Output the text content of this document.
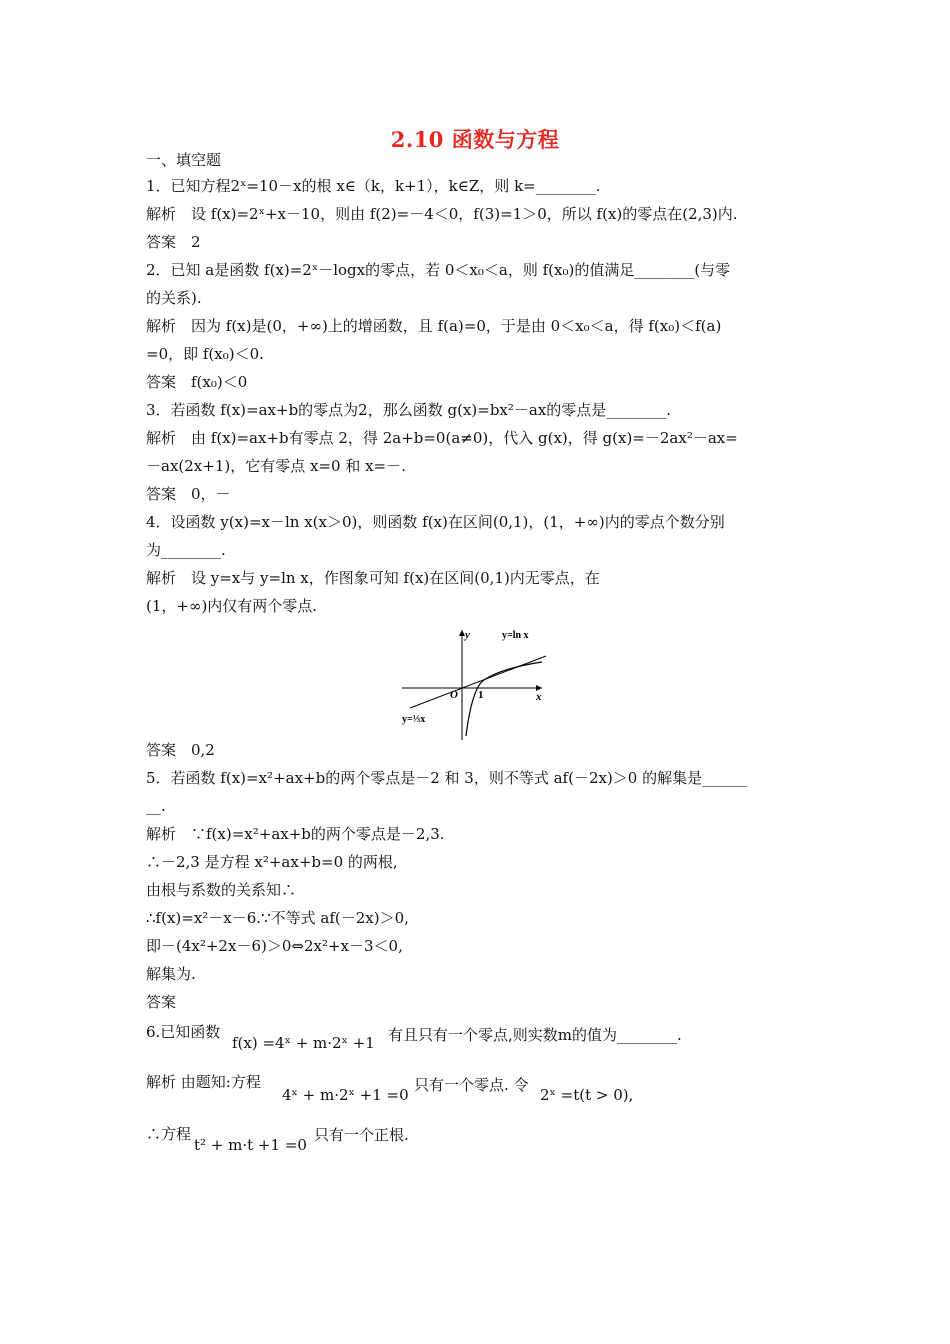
2.10 函数与方程
一、填空题
1．已知方程2ˣ=10－x的根 x∈（k，k+1），k∈Z，则 k=________.
解析　设 f(x)=2ˣ+x－10，则由 f(2)=－4＜0，f(3)=1＞0，所以 f(x)的零点在(2,3)内.
答案　2
2．已知 a是函数 f(x)=2ˣ－logx的零点，若 0＜x₀＜a，则 f(x₀)的值满足________(与零
的关系).
解析　因为 f(x)是(0，+∞)上的增函数，且 f(a)=0，于是由 0＜x₀＜a，得 f(x₀)＜f(a)
=0，即 f(x₀)＜0.
答案　f(x₀)＜0
3．若函数 f(x)=ax+b的零点为2，那么函数 g(x)=bx²－ax的零点是________.
解析　由 f(x)=ax+b有零点 2，得 2a+b=0(a≠0)，代入 g(x)，得 g(x)=－2ax²－ax=
－ax(2x+1)，它有零点 x=0 和 x=－.
答案　0，－
4．设函数 y(x)=x－ln x(x＞0)，则函数 f(x)在区间(0,1)，(1，+∞)内的零点个数分别
为________.
解析　设 y=x与 y=ln x，作图象可知 f(x)在区间(0,1)内无零点，在
(1，+∞)内仅有两个零点.
答案　0,2
5．若函数 f(x)=x²+ax+b的两个零点是－2 和 3，则不等式 af(－2x)＞0 的解集是______
__.
解析　∵f(x)=x²+ax+b的两个零点是－2,3.
∴－2,3 是方程 x²+ax+b=0 的两根,
由根与系数的关系知∴
∴f(x)=x²－x－6.∵不等式 af(－2x)＞0,
即－(4x²+2x－6)＞0⇔2x²+x－3＜0,
解集为.
答案
6.已知函数
解析 由题知:方程
∴方程
f(x) =4ˣ + m·2ˣ +1 有且只有一个零点,则实数m的值为________.
4ˣ + m·2ˣ +1 =0
只有一个零点. 令
2ˣ =t(t > 0),
t² + m·t +1 =0
只有一个正根.
y
x
O 1
y=ln x
y=⅓x
